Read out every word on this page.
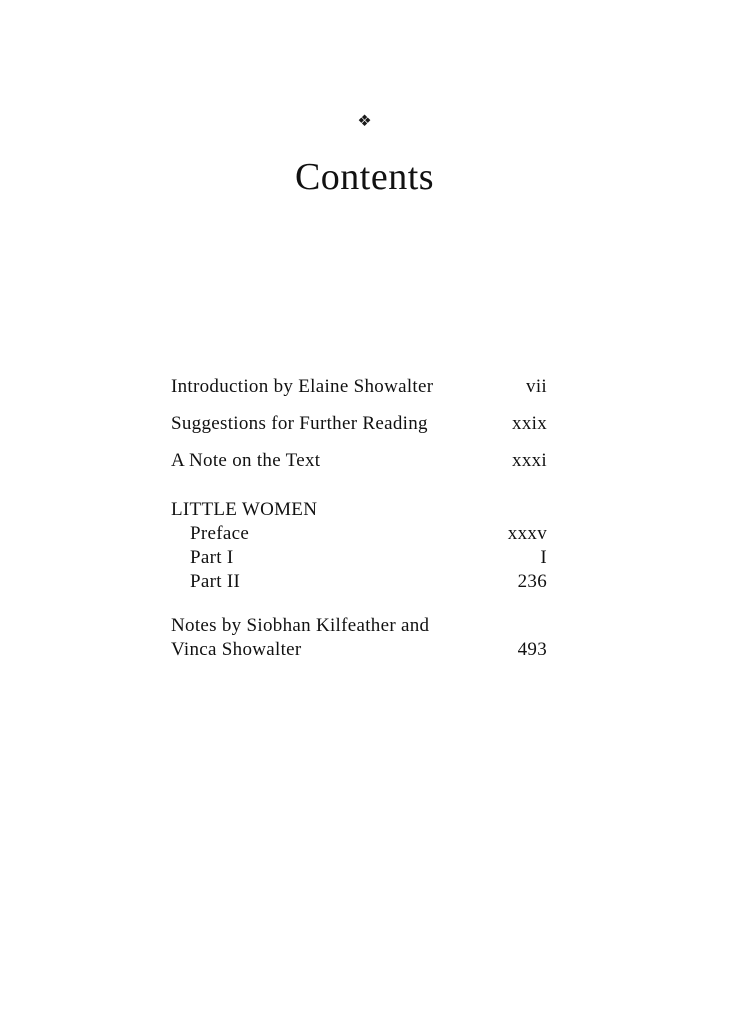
❖
Contents
Introduction by Elaine Showalter	vii
Suggestions for Further Reading	xxix
A Note on the Text	xxxi
LITTLE WOMEN
Preface	xxxv
Part I	I
Part II	236
Notes by Siobhan Kilfeather and
Vinca Showalter	493
